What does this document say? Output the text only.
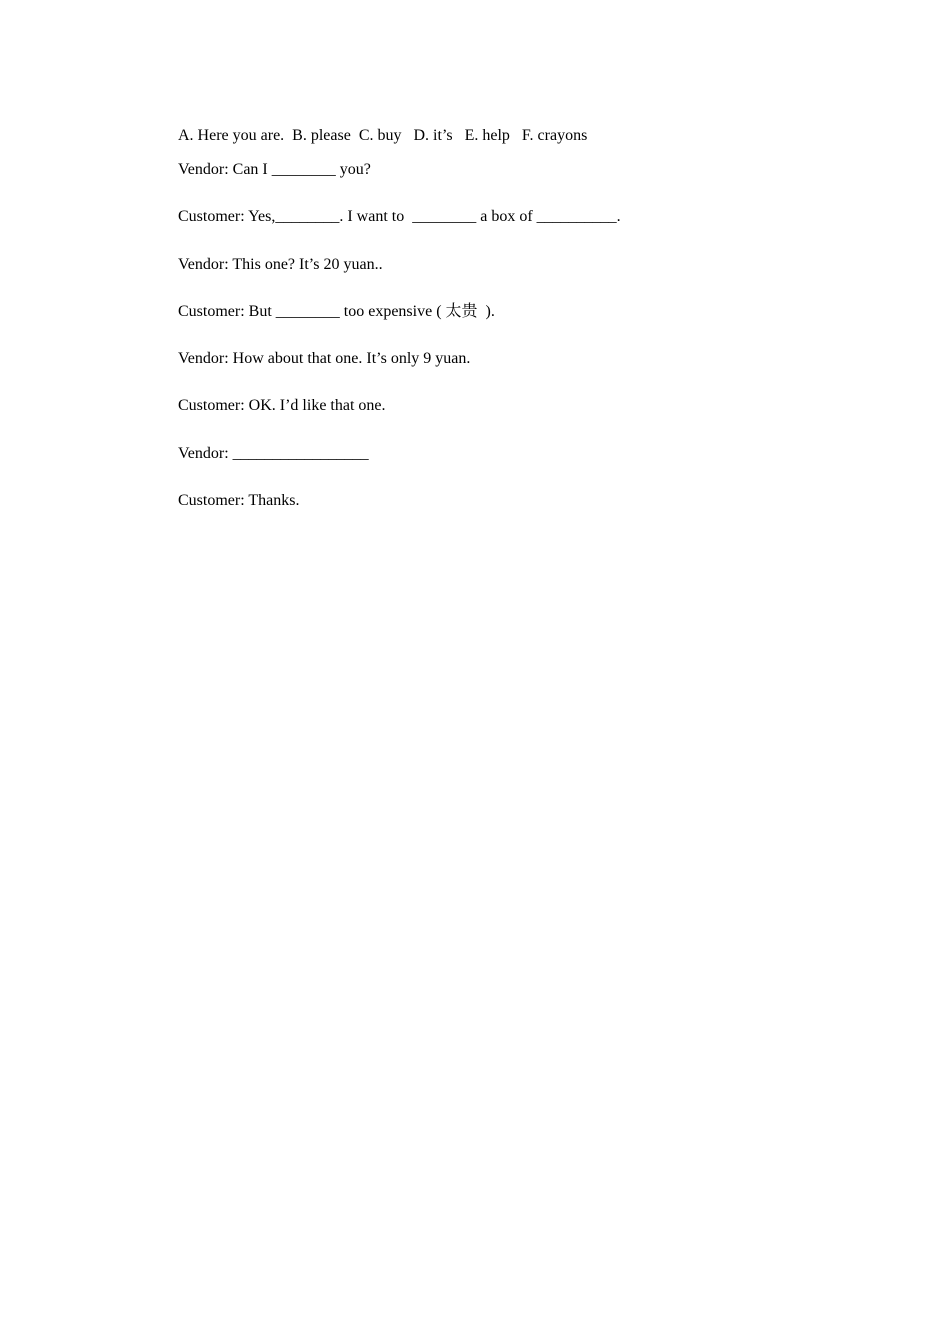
A. Here you are.  B. please  C. buy   D. it’s   E. help   F. crayons

Vendor: Can I ________ you?

Customer: Yes,________. I want to  ________ a box of __________.

Vendor: This one? It’s 20 yuan..

Customer: But ________ too expensive ( 太贵  ).

Vendor: How about that one. It’s only 9 yuan.

Customer: OK. I’d like that one.

Vendor: _________________

Customer: Thanks.
